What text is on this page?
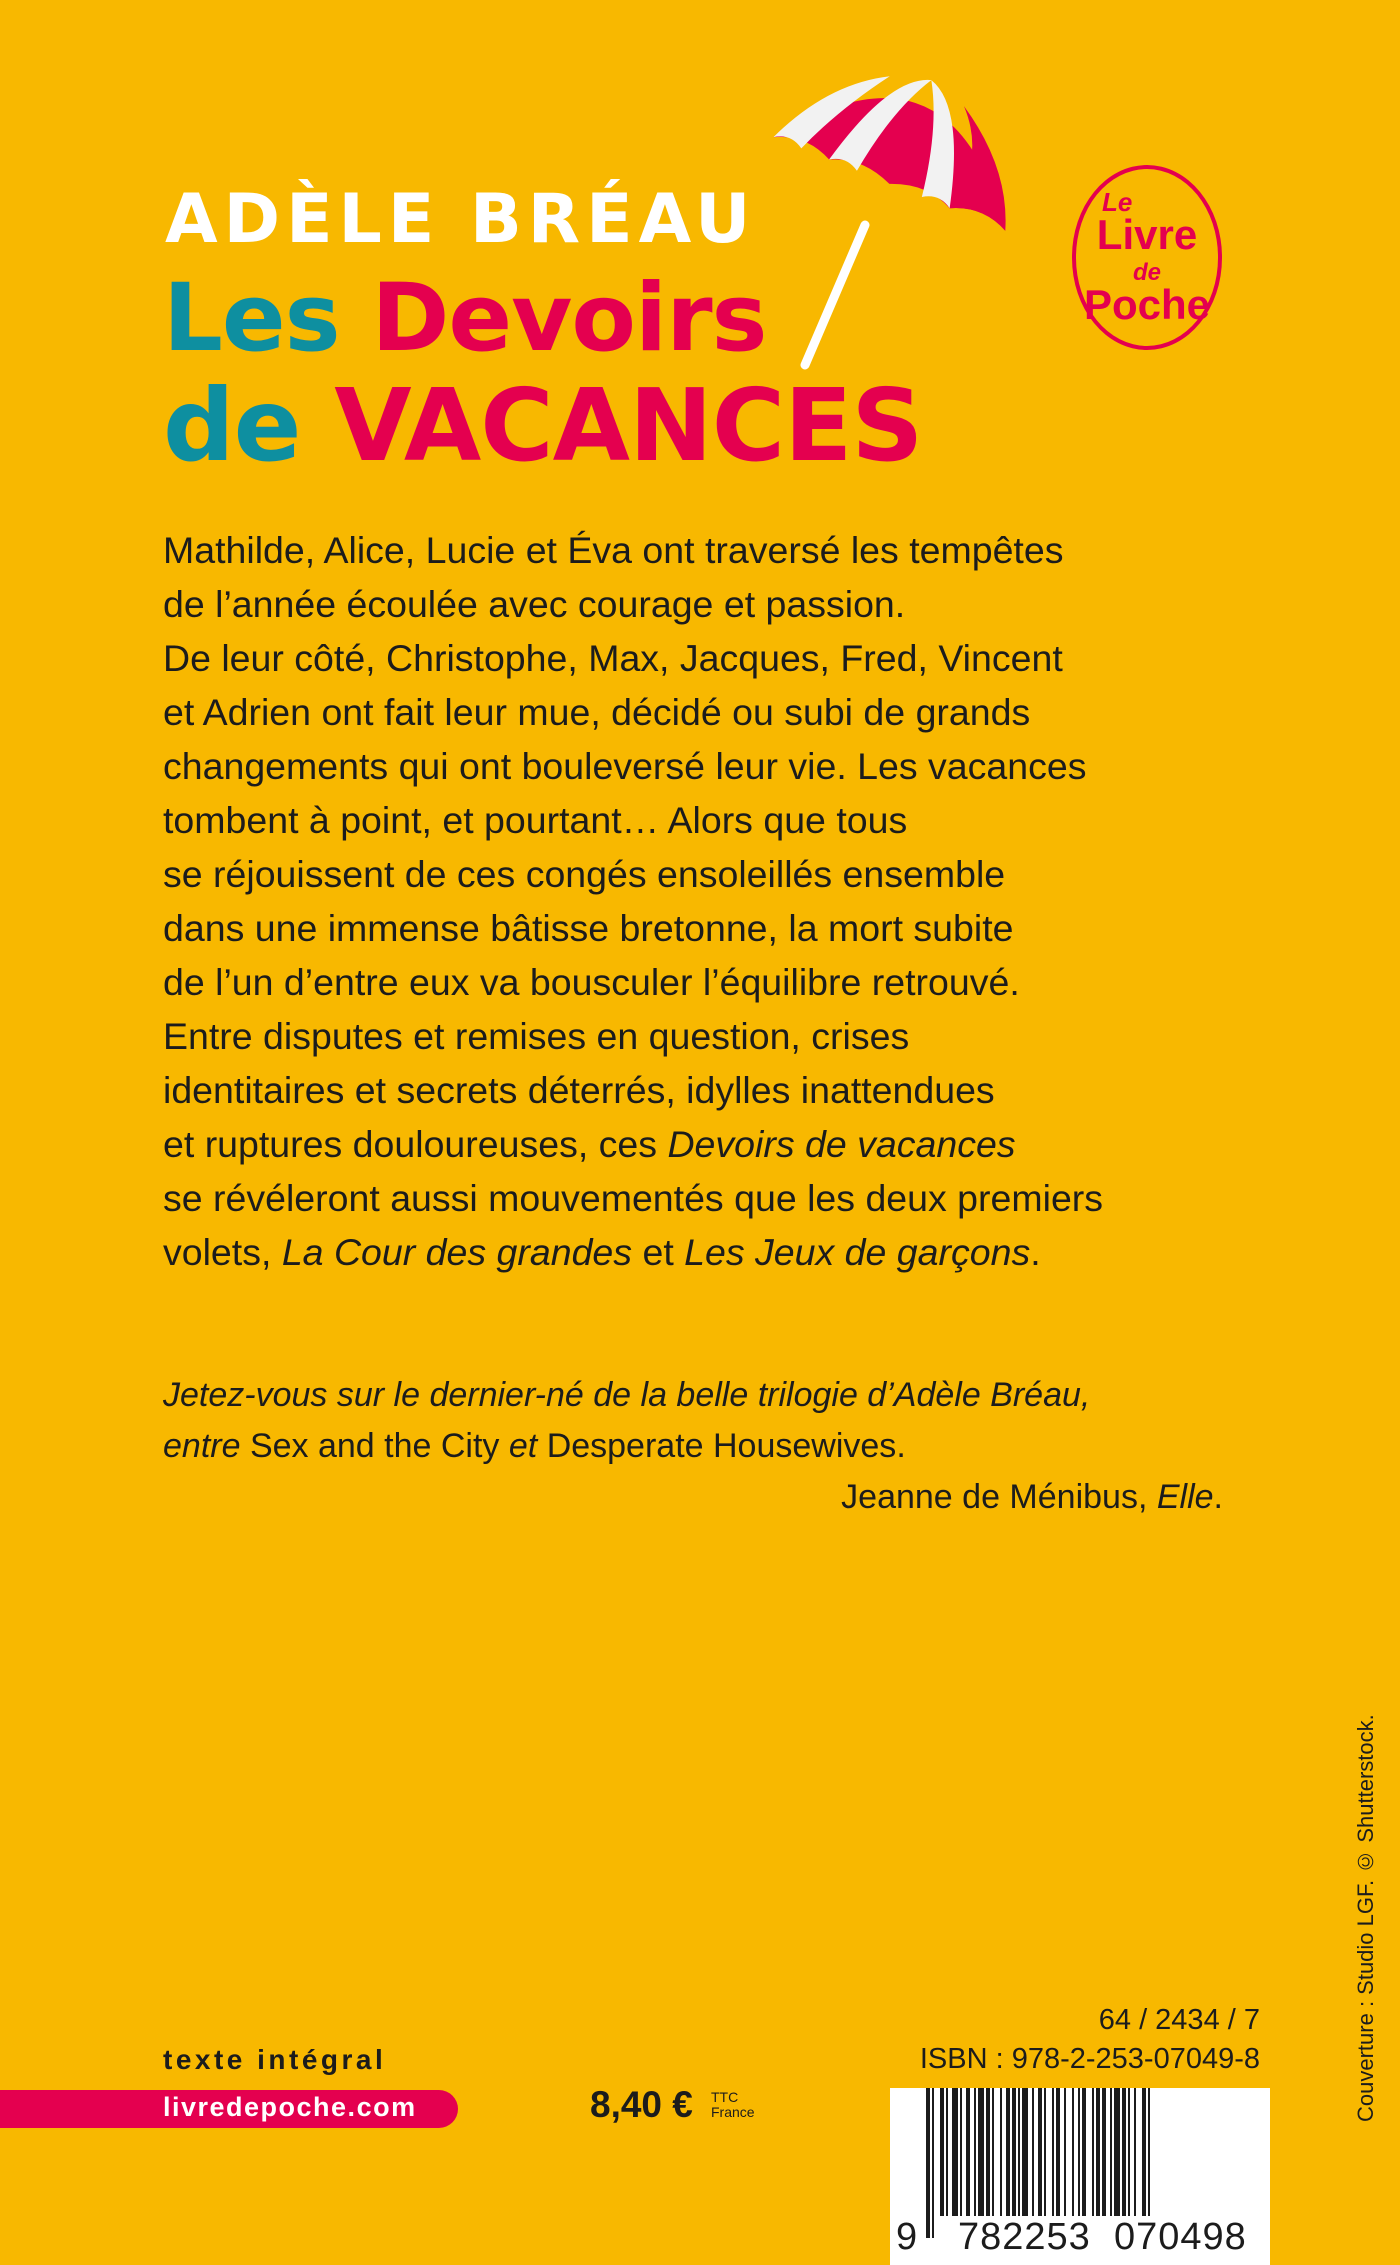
ADÈLE BRÉAU
Les Devoirs
de VACANCES
Le
Livre
de
Poche
Mathilde, Alice, Lucie et Éva ont traversé les tempêtes
de l’année écoulée avec courage et passion.
De leur côté, Christophe, Max, Jacques, Fred, Vincent
et Adrien ont fait leur mue, décidé ou subi de grands
changements qui ont bouleversé leur vie. Les vacances
tombent à point, et pourtant… Alors que tous
se réjouissent de ces congés ensoleillés ensemble
dans une immense bâtisse bretonne, la mort subite
de l’un d’entre eux va bousculer l’équilibre retrouvé.
Entre disputes et remises en question, crises
identitaires et secrets déterrés, idylles inattendues
et ruptures douloureuses, ces Devoirs de vacances
se révéleront aussi mouvementés que les deux premiers
volets, La Cour des grandes et Les Jeux de garçons.
Jetez-vous sur le dernier-né de la belle trilogie d’Adèle Bréau,
entre Sex and the City et Desperate Housewives.
Jeanne de Ménibus, Elle.
Couverture : Studio LGF. © Shutterstock.
texte intégral
livredepoche.com	8,40 € TTC
France
64 / 2434 / 7
ISBN : 978-2-253-07049-8
9 782253 070498
